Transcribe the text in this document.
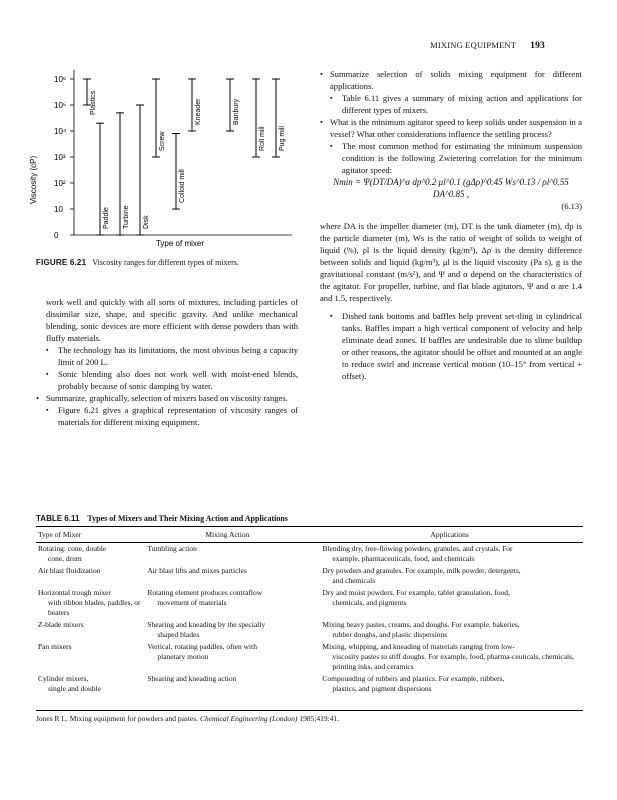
MIXING EQUIPMENT 193
10⁶
10⁵
10⁴
10³
10²
10
0
Viscosity (cP)
Type of mixer
Plastics
Paddle Turbine Disk
Screw
Colloid mill
Kneader	Banbury
Roll mill Pug mill
FIGURE 6.21 Viscosity ranges for different types of mixers.

work well and quickly with all sorts of mixtures, including particles of dissimilar size, shape, and specific gravity. And unlike mechanical blending, sonic devices are more efficient with dense powders than with fluffy materials.

▪ The technology has its limitations, the most obvious being a capacity limit of 200 L.

▪ Sonic blending also does not work well with moist-ened blends, probably because of sonic damping by water.

• Summarize, graphically, selection of mixers based on viscosity ranges.

▪ Figure 6.21 gives a graphical representation of viscosity ranges of materials for different mixing equipment.

• Summarize selection of solids mixing equipment for different applications.

▪ Table 6.11 gives a summary of mixing action and applications for different types of mixers.

• What is the minimum agitator speed to keep solids under suspension in a vessel? What other considerations influence the settling process?

▪ The most common method for estimating the minimum suspension condition is the following Zwietering correlation for the minimum agitator speed:

Nmin = Ψ(DT/DA)^α dp^0.2 μl^0.1 (gΔρ)^0.45 Ws^0.13 / ρl^0.55 DA^0.85 ,

(6.13)

where DA is the impeller diameter (m), DT is the tank diameter (m), dp is the particle diameter (m), Ws is the ratio of weight of solids to weight of liquid (%), ρl is the liquid density (kg/m³), Δρ is the density difference between solids and liquid (kg/m³), μl is the liquid viscosity (Pa s), g is the gravitational constant (m/s²), and Ψ and α depend on the characteristics of the agitator. For propeller, turbine, and flat blade agitators, Ψ and α are 1.4 and 1.5, respectively.

▪ Dished tank bottoms and baffles help prevent set-tling in cylindrical tanks. Baffles impart a high vertical component of velocity and help eliminate dead zones. If baffles are undesirable due to slime buildup or other reasons, the agitator should be offset and mounted at an angle to reduce swirl and increase vertical motion (10–15° from vertical + offset).

TABLE 6.11 Types of Mixers and Their Mixing Action and Applications
Type of Mixer	Mixing Action	Applications
Rotating: cone, double
cone, drum	Tumbling action	Blending dry, free-flowing powders, granules, and crystals. For
example, pharmaceuticals, food, and chemicals

Air blast fluidization	Air blast lifts and mixes particles	Dry powders and granules. For example, milk powder, detergents,
and chemicals

Horizontal trough mixer
with ribbon blades, paddles, or beaters	Rotating element produces contraflow
movement of materials	Dry and moist powders. For example, tablet granulation, food,
chemicals, and pigments

Z-blade mixers	Shearing and kneading by the specially
shaped blades	Mixing heavy pastes, creams, and doughs. For example, bakeries,
rubber doughs, and plastic dispersions

Pan mixers	Vertical, rotating paddles, often with
planetary motion	Mixing, whipping, and kneading of materials ranging from low-
viscosity pastes to stiff doughs. For example, food, pharma-ceuticals, chemicals, printing inks, and ceramics

Cylinder mixers,
single and double	Shearing and kneading action	Compounding of rubbers and plastics. For example, rubbers,
plastics, and pigment dispersions
Jones R L. Mixing equipment for powders and pastes. Chemical Engineering (London) 1985;419:41.
